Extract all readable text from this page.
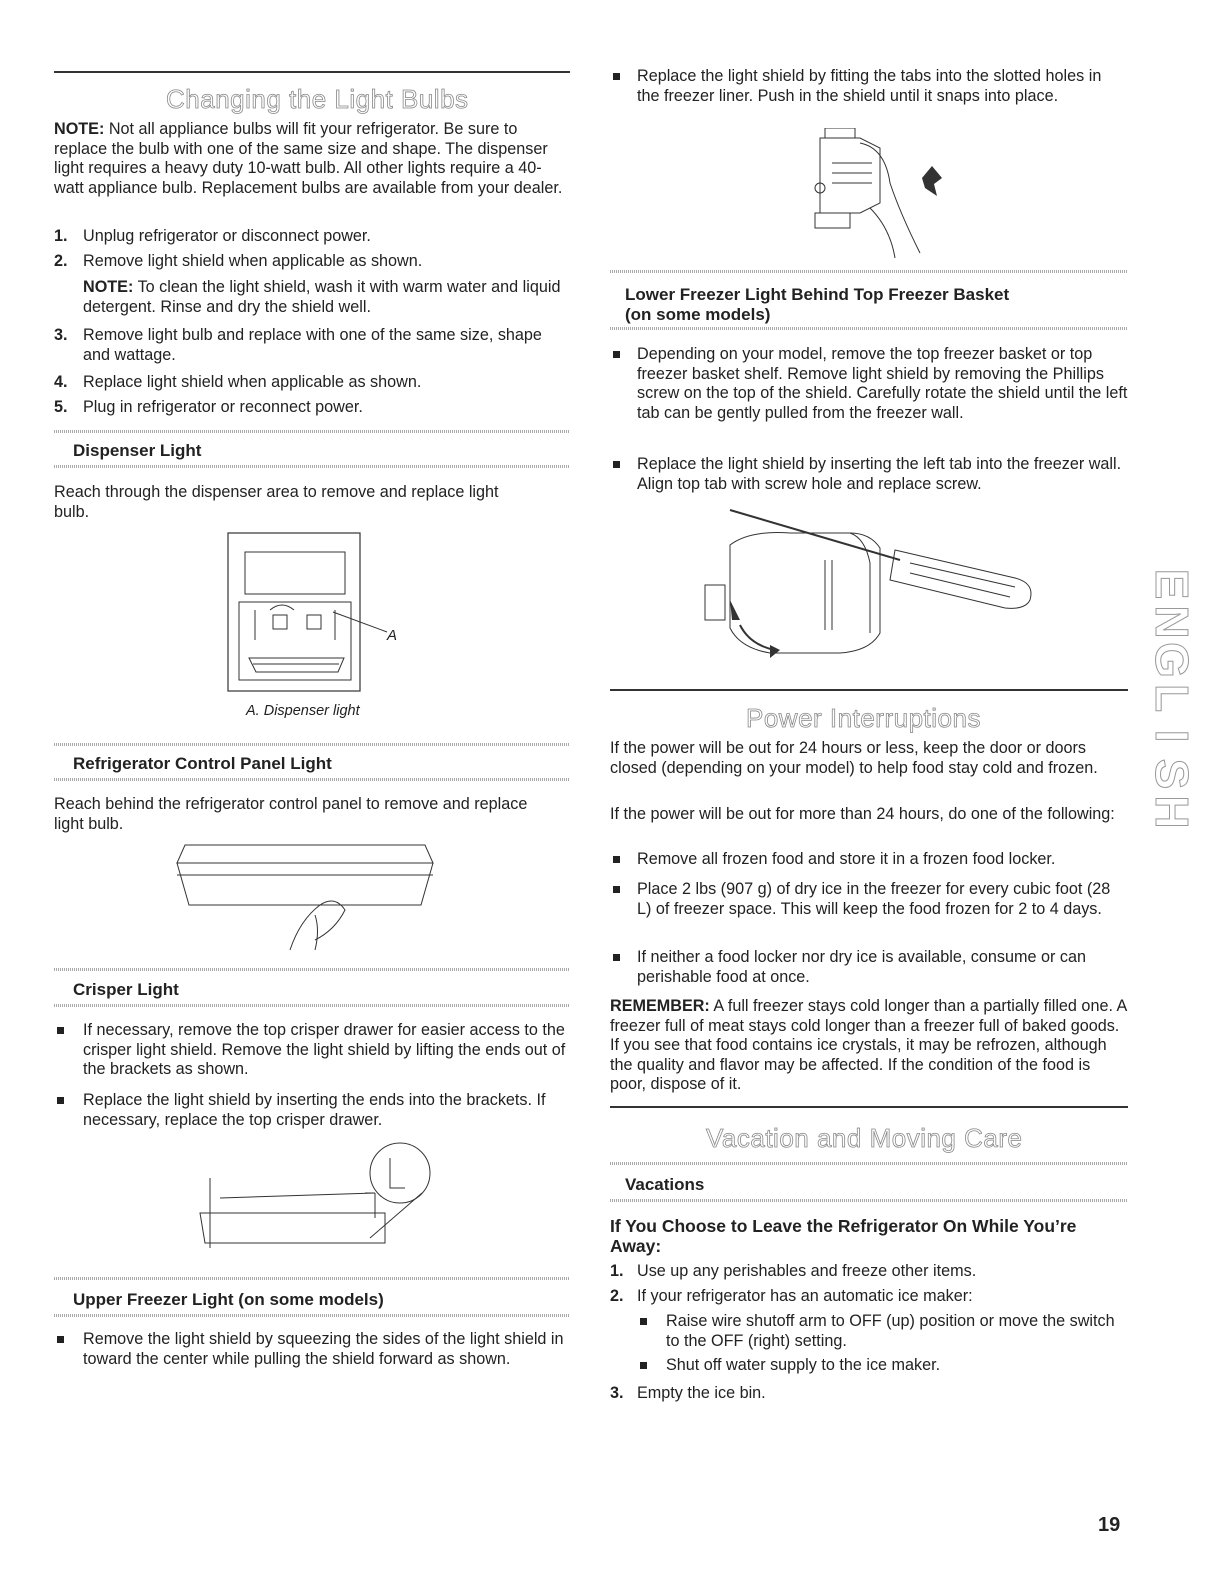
Changing the Light Bulbs

NOTE: Not all appliance bulbs will fit your refrigerator. Be sure to replace the bulb with one of the same size and shape. The dispenser light requires a heavy duty 10-watt bulb. All other lights require a 40-watt appliance bulb. Replacement bulbs are available from your dealer.

1. Unplug refrigerator or disconnect power.

2. Remove light shield when applicable as shown.

NOTE: To clean the light shield, wash it with warm water and liquid detergent. Rinse and dry the shield well.

3. Remove light bulb and replace with one of the same size, shape and wattage.

4. Replace light shield when applicable as shown.

5. Plug in refrigerator or reconnect power.

Dispenser Light

Reach through the dispenser area to remove and replace light bulb.

A

A. Dispenser light

Refrigerator Control Panel Light

Reach behind the refrigerator control panel to remove and replace light bulb.

Crisper Light

If necessary, remove the top crisper drawer for easier access to the crisper light shield. Remove the light shield by lifting the ends out of the brackets as shown.

Replace the light shield by inserting the ends into the brackets. If necessary, replace the top crisper drawer.

Upper Freezer Light (on some models)

Remove the light shield by squeezing the sides of the light shield in toward the center while pulling the shield forward as shown.

Replace the light shield by fitting the tabs into the slotted holes in the freezer liner. Push in the shield until it snaps into place.

Lower Freezer Light Behind Top Freezer Basket
(on some models)

Depending on your model, remove the top freezer basket or top freezer basket shelf. Remove light shield by removing the Phillips screw on the top of the shield. Carefully rotate the shield until the left tab can be gently pulled from the freezer wall.

Replace the light shield by inserting the left tab into the freezer wall. Align top tab with screw hole and replace screw.

Power Interruptions

If the power will be out for 24 hours or less, keep the door or doors closed (depending on your model) to help food stay cold and frozen.

If the power will be out for more than 24 hours, do one of the following:

Remove all frozen food and store it in a frozen food locker.

Place 2 lbs (907 g) of dry ice in the freezer for every cubic foot (28 L) of freezer space. This will keep the food frozen for 2 to 4 days.

If neither a food locker nor dry ice is available, consume or can perishable food at once.

REMEMBER: A full freezer stays cold longer than a partially filled one. A freezer full of meat stays cold longer than a freezer full of baked goods. If you see that food contains ice crystals, it may be refrozen, although the quality and flavor may be affected. If the condition of the food is poor, dispose of it.

Vacation and Moving Care
Vacations

If You Choose to Leave the Refrigerator On While You’re Away:

1. Use up any perishables and freeze other items.

2. If your refrigerator has an automatic ice maker:

Raise wire shutoff arm to OFF (up) position or move the switch to the OFF (right) setting.

Shut off water supply to the ice maker.

3. Empty the ice bin.

E
N
G
L
I
S
H
19
